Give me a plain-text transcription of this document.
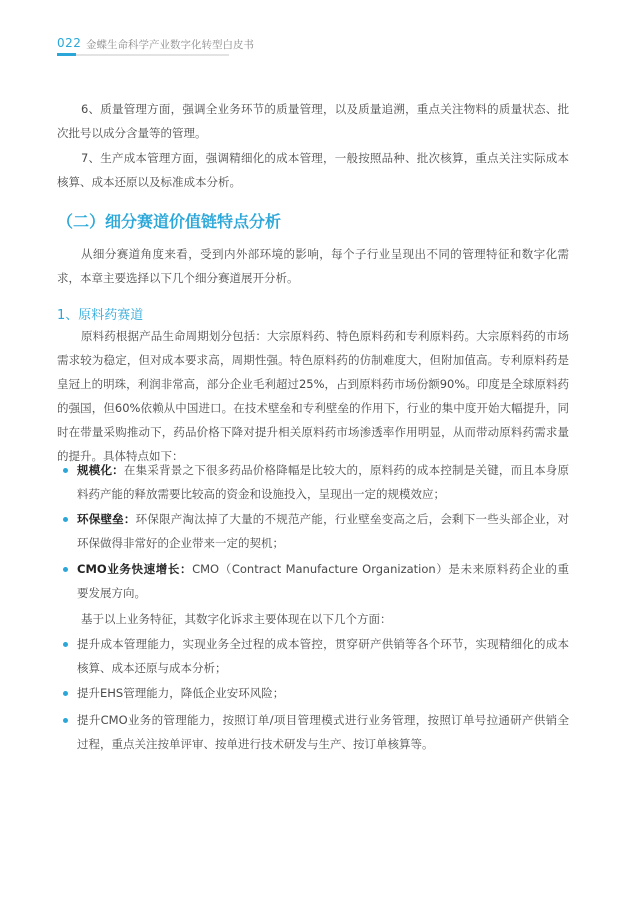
022 金蝶生命科学产业数字化转型白皮书
6、质量管理方面，强调全业务环节的质量管理，以及质量追溯，重点关注物料的质量状态、批
次批号以成分含量等的管理。
7、生产成本管理方面，强调精细化的成本管理，一般按照品种、批次核算，重点关注实际成本
核算、成本还原以及标准成本分析。
（二）细分赛道价值链特点分析
从细分赛道角度来看，受到内外部环境的影响，每个子行业呈现出不同的管理特征和数字化需
求，本章主要选择以下几个细分赛道展开分析。
1、原料药赛道
原料药根据产品生命周期划分包括：大宗原料药、特色原料药和专利原料药。大宗原料药的市场
需求较为稳定，但对成本要求高，周期性强。特色原料药的仿制难度大，但附加值高。专利原料药是
皇冠上的明珠，利润非常高，部分企业毛利超过25%，占到原料药市场份额90%。印度是全球原料药
的强国，但60%依赖从中国进口。在技术壁垒和专利壁垒的作用下，行业的集中度开始大幅提升，同
时在带量采购推动下，药品价格下降对提升相关原料药市场渗透率作用明显，从而带动原料药需求量
的提升。具体特点如下：
规模化：在集采背景之下很多药品价格降幅是比较大的，原料药的成本控制是关键，而且本身原
料药产能的释放需要比较高的资金和设施投入，呈现出一定的规模效应；
环保壁垒：环保限产淘汰掉了大量的不规范产能，行业壁垒变高之后，会剩下一些头部企业，对
环保做得非常好的企业带来一定的契机；
CMO业务快速增长：CMO（Contract Manufacture Organization）是未来原料药企业的重
要发展方向。
基于以上业务特征，其数字化诉求主要体现在以下几个方面：
提升成本管理能力，实现业务全过程的成本管控，贯穿研产供销等各个环节，实现精细化的成本
核算、成本还原与成本分析；
提升EHS管理能力，降低企业安环风险；
提升CMO业务的管理能力，按照订单/项目管理模式进行业务管理，按照订单号拉通研产供销全
过程，重点关注按单评审、按单进行技术研发与生产、按订单核算等。
